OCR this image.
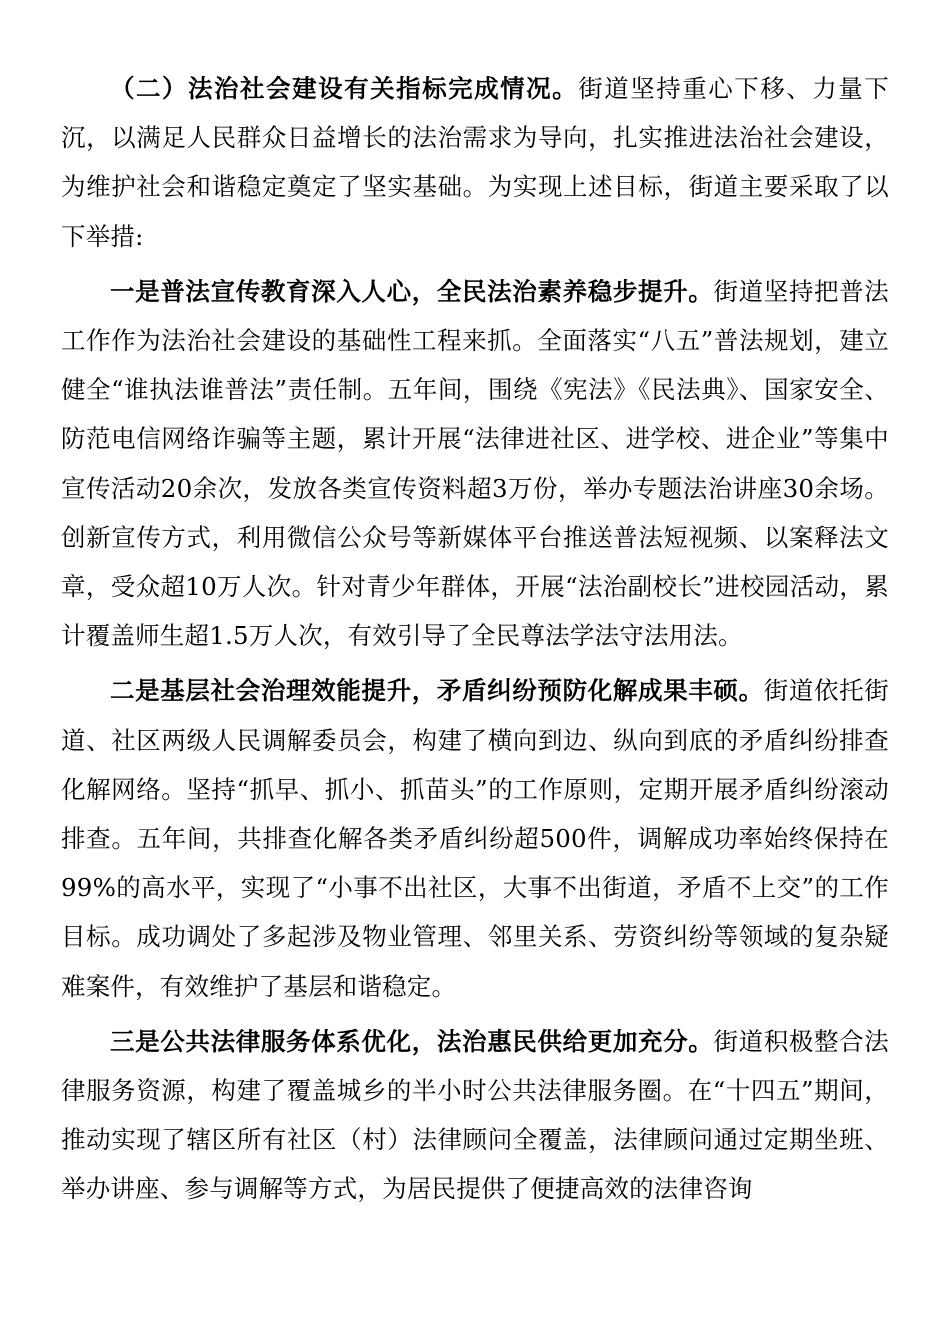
（二）法治社会建设有关指标完成情况。街道坚持重心下移、力量下沉，以满足人民群众日益增长的法治需求为导向，扎实推进法治社会建设，为维护社会和谐稳定奠定了坚实基础。为实现上述目标，街道主要采取了以下举措:

一是普法宣传教育深入人心，全民法治素养稳步提升。街道坚持把普法工作作为法治社会建设的基础性工程来抓。全面落实“八五”普法规划，建立健全“谁执法谁普法”责任制。五年间，围绕《宪法》《民法典》、国家安全、防范电信网络诈骗等主题，累计开展“法律进社区、进学校、进企业”等集中宣传活动20余次，发放各类宣传资料超3万份，举办专题法治讲座30余场。创新宣传方式，利用微信公众号等新媒体平台推送普法短视频、以案释法文章，受众超10万人次。针对青少年群体，开展“法治副校长”进校园活动，累计覆盖师生超1.5万人次，有效引导了全民尊法学法守法用法。

二是基层社会治理效能提升，矛盾纠纷预防化解成果丰硕。街道依托街道、社区两级人民调解委员会，构建了横向到边、纵向到底的矛盾纠纷排查化解网络。坚持“抓早、抓小、抓苗头”的工作原则，定期开展矛盾纠纷滚动排查。五年间，共排查化解各类矛盾纠纷超500件，调解成功率始终保持在99%的高水平，实现了“小事不出社区，大事不出街道，矛盾不上交”的工作目标。成功调处了多起涉及物业管理、邻里关系、劳资纠纷等领域的复杂疑难案件，有效维护了基层和谐稳定。

三是公共法律服务体系优化，法治惠民供给更加充分。街道积极整合法律服务资源，构建了覆盖城乡的半小时公共法律服务圈。在“十四五”期间，推动实现了辖区所有社区（村）法律顾问全覆盖，法律顾问通过定期坐班、举办讲座、参与调解等方式，为居民提供了便捷高效的法律咨询
